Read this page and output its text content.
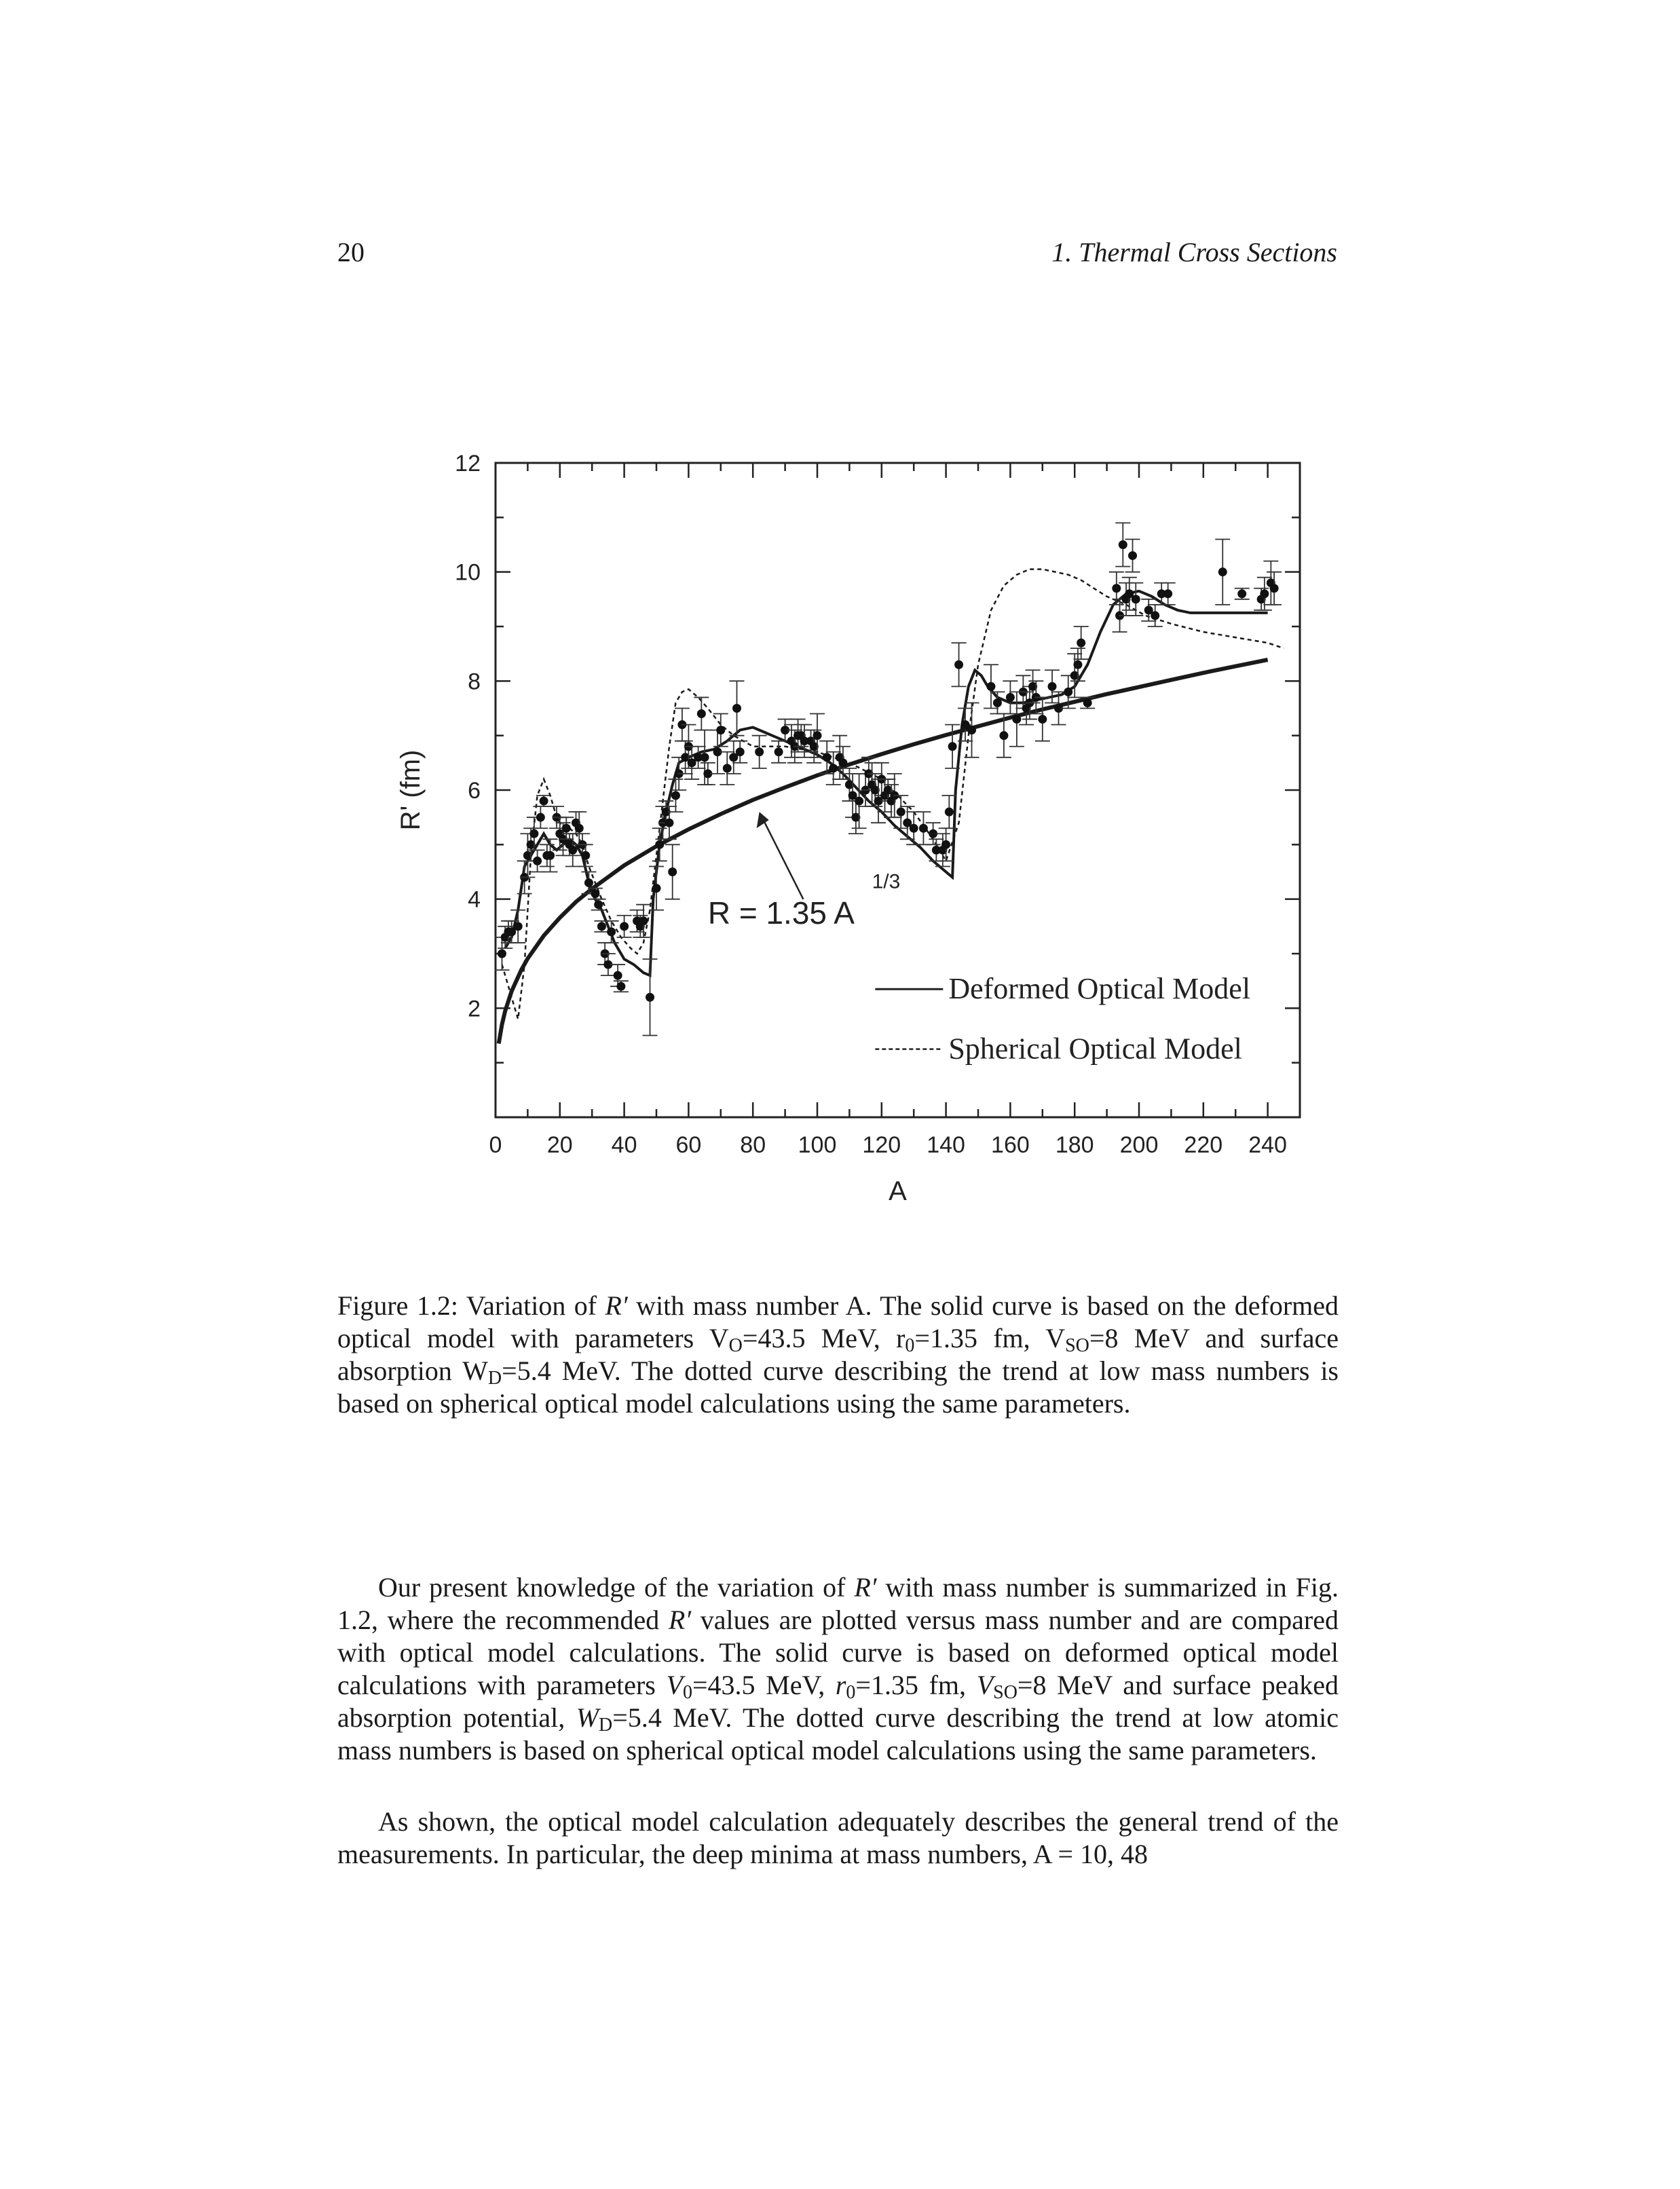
20	1. Thermal Cross Sections
0 20 40 60 80 100 120 140 160 180 200 220 240
2
4
6
8
10
12
A
R' (fm)
R = 1.35 A
1/3
Deformed Optical Model
Spherical Optical Model
Figure 1.2: Variation of R′ with mass number A. The solid curve is based on the deformed optical model with parameters $V_O=43.5$ MeV, $r_0=1.35$ fm, $V_{SO}=8$ MeV and surface absorption $W_D=5.4$ MeV. The dotted curve describing the trend at low mass numbers is based on spherical optical model calculations using the same parameters.

Our present knowledge of the variation of R′ with mass number is summarized in Fig. 1.2, where the recommended R′ values are plotted versus mass number and are compared with optical model calculations. The solid curve is based on deformed optical model calculations with parameters $V_0=43.5$ MeV, $r_0=1.35$ fm, $V_{SO}=8$ MeV and surface peaked absorption potential, $W_D=5.4$ MeV. The dotted curve describing the trend at low atomic mass numbers is based on spherical optical model calculations using the same parameters.

As shown, the optical model calculation adequately describes the general trend of the measurements. In particular, the deep minima at mass numbers, A = 10, 48
